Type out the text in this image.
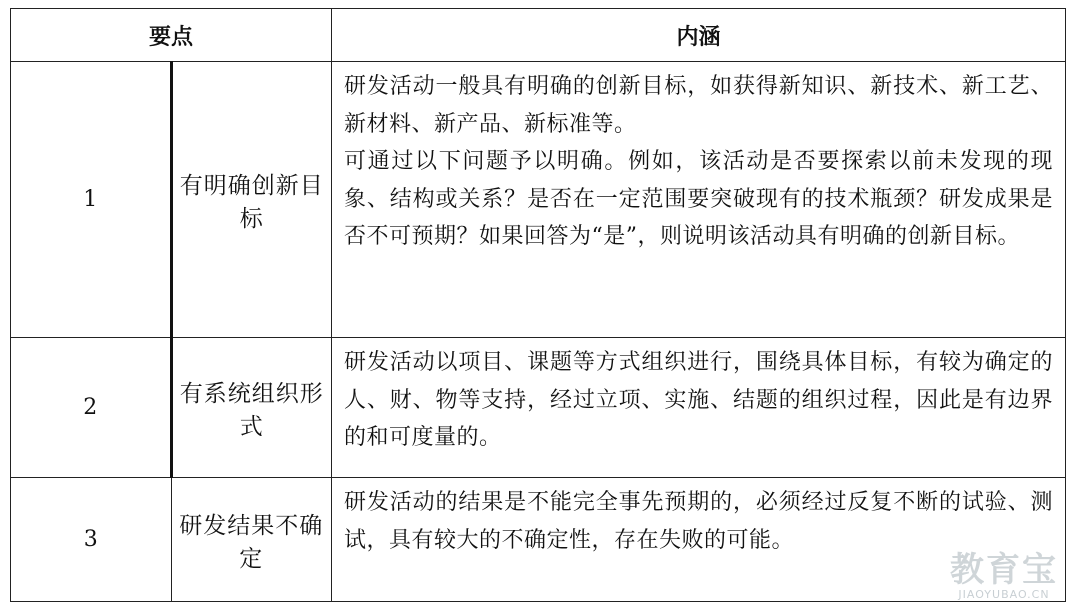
要点		内涵
1	有明确创新目标	研发活动一般具有明确的创新目标，如获得新知识、新技术、新工艺、新材料、新产品、新标准等。
可通过以下问题予以明确。例如，该活动是否要探索以前未发现的现象、结构或关系？是否在一定范围要突破现有的技术瓶颈？研发成果是否不可预期？如果回答为“是”，则说明该活动具有明确的创新目标。

2	有系统组织形式	研发活动以项目、课题等方式组织进行，围绕具体目标，有较为确定的人、财、物等支持，经过立项、实施、结题的组织过程，因此是有边界的和可度量的。

3	研发结果不确定	研发活动的结果是不能完全事先预期的，必须经过反复不断的试验、测试，具有较大的不确定性，存在失败的可能。
教育宝
JIAOYUBAO.CN
